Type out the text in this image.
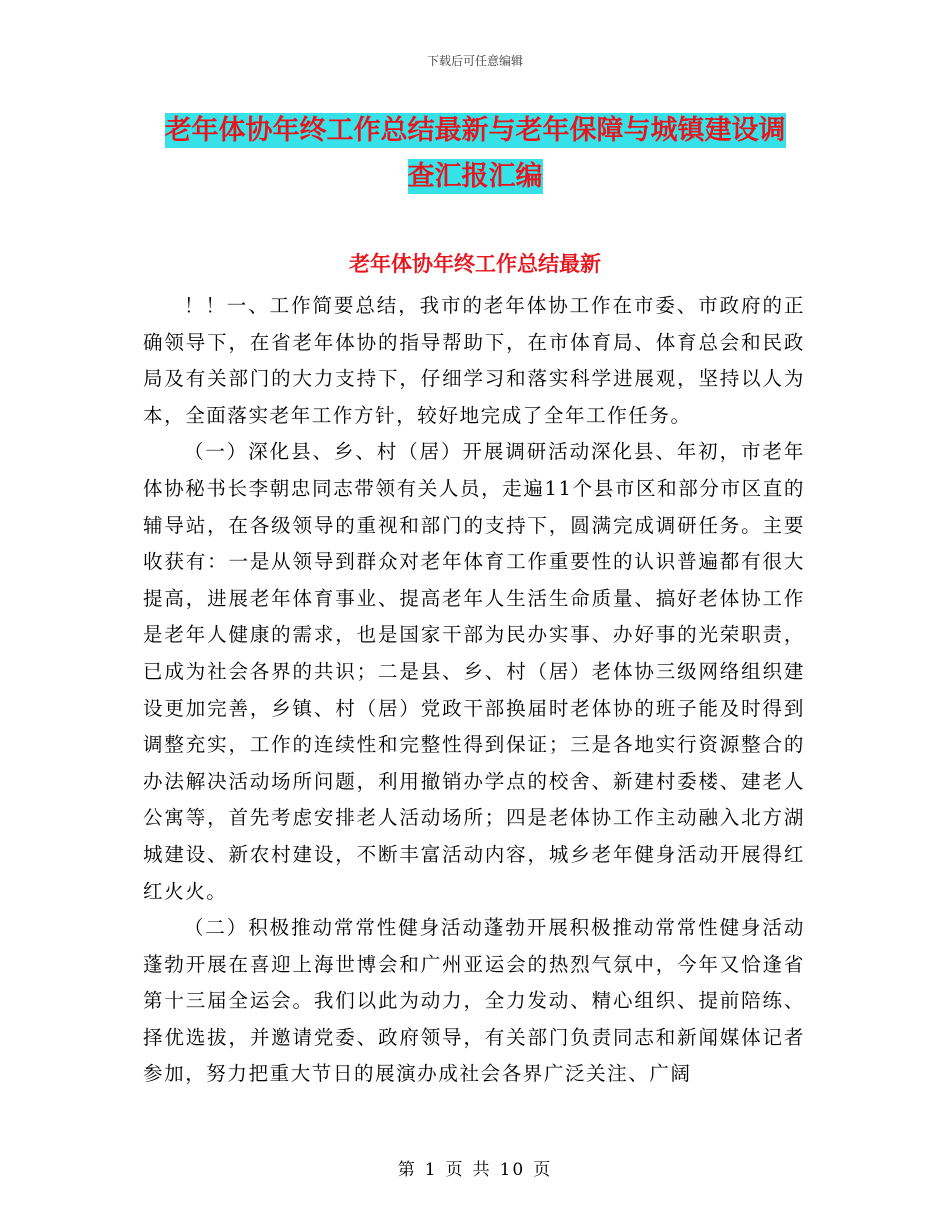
下载后可任意编辑
老年体协年终工作总结最新与老年保障与城镇建设调
查汇报汇编
老年体协年终工作总结最新

！！一、工作简要总结，我市的老年体协工作在市委、市政府的正确领导下，在省老年体协的指导帮助下，在市体育局、体育总会和民政局及有关部门的大力支持下，仔细学习和落实科学进展观，坚持以人为本，全面落实老年工作方针，较好地完成了全年工作任务。

（一）深化县、乡、村（居）开展调研活动深化县、年初，市老年体协秘书长李朝忠同志带领有关人员，走遍11个县市区和部分市区直的辅导站，在各级领导的重视和部门的支持下，圆满完成调研任务。主要收获有：一是从领导到群众对老年体育工作重要性的认识普遍都有很大提高，进展老年体育事业、提高老年人生活生命质量、搞好老体协工作是老年人健康的需求，也是国家干部为民办实事、办好事的光荣职责，已成为社会各界的共识；二是县、乡、村（居）老体协三级网络组织建设更加完善，乡镇、村（居）党政干部换届时老体协的班子能及时得到调整充实，工作的连续性和完整性得到保证；三是各地实行资源整合的办法解决活动场所问题，利用撤销办学点的校舍、新建村委楼、建老人公寓等，首先考虑安排老人活动场所；四是老体协工作主动融入北方湖城建设、新农村建设，不断丰富活动内容，城乡老年健身活动开展得红红火火。

（二）积极推动常常性健身活动蓬勃开展积极推动常常性健身活动蓬勃开展在喜迎上海世博会和广州亚运会的热烈气氛中，今年又恰逢省第十三届全运会。我们以此为动力，全力发动、精心组织、提前陪练、择优选拔，并邀请党委、政府领导，有关部门负责同志和新闻媒体记者参加，努力把重大节日的展演办成社会各界广泛关注、广阔

第 1 页 共 10 页
